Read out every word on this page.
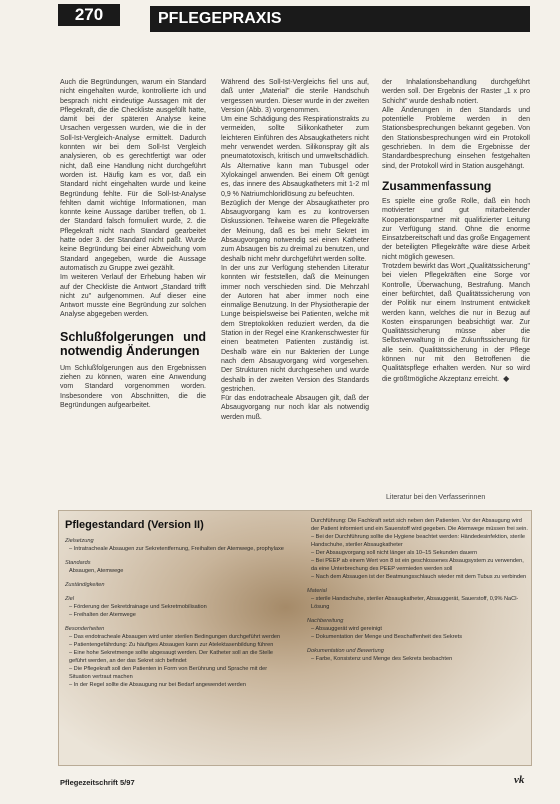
270	PFLEGEPRAXIS

Auch die Begründungen, warum ein Standard nicht eingehalten wurde, kontrollierte ich und besprach nicht eindeutige Aussagen mit der Pflegekraft, die die Checkliste ausgefüllt hatte, damit bei der späteren Analyse keine Ursachen vergessen wurden, wie die in der Soll-Ist-Vergleich-Analyse ermittelt. Dadurch konnten wir bei dem Soll-Ist Vergleich analysieren, ob es gerechtfertigt war oder nicht, daß eine Handlung nicht durchgeführt worden ist. Häufig kam es vor, daß ein Standard nicht eingehalten wurde und keine Begründung fehlte. Für die Soll-Ist-Analyse fehlten damit wichtige Informationen, man konnte keine Aussage darüber treffen, ob 1. der Standard falsch formuliert wurde, 2. die Pflegekraft nicht nach Standard gearbeitet hatte oder 3. der Standard nicht paßt. Wurde keine Begründung bei einer Abweichung vom Standard angegeben, wurde die Aussage automatisch zu Gruppe zwei gezählt.

Im weiteren Verlauf der Erhebung haben wir auf der Checkliste die Antwort „Standard trifft nicht zu" aufgenommen. Auf dieser eine Antwort musste eine Begründung zur solchen Analyse abgegeben werden.

Schlußfolgerungen und notwendig Änderungen

Um Schlußfolgerungen aus den Ergebnissen ziehen zu können, waren eine Anwendung vom Standard vorgenommen worden. Insbesondere von Abschnitten, die die Begründungen aufgearbeitet.

Während des Soll-Ist-Vergleichs fiel uns auf, daß unter „Material" die sterile Handschuh vergessen wurden. Dieser wurde in der zweiten Version (Abb. 3) vorgenommen.

Um eine Schädigung des Respirationstrakts zu vermeiden, sollte Silikonkatheter zum leichteren Einführen des Absaugkatheters nicht mehr verwendet werden. Silikonspray gilt als pneumatotoxisch, kritisch und umweltschädlich. Als Alternative kann man Tubusgel oder Xylokaingel anwenden. Bei einem Oft genügt es, das innere des Absaugkatheters mit 1-2 ml 0,9 % Natriumchloridlösung zu befeuchten.

Bezüglich der Menge der Absaugkatheter pro Absaugvorgang kam es zu kontroversen Diskussionen. Teilweise waren die Pflegekräfte der Meinung, daß es bei mehr Sekret im Absaugvorgang notwendig sei einen Katheter zum Absaugen bis zu dreimal zu benutzen, und deshalb nicht mehr durchgeführt werden sollte.

In der uns zur Verfügung stehenden Literatur konnten wir feststellen, daß die Meinungen immer noch verschieden sind. Die Mehrzahl der Autoren hat aber immer noch eine einmalige Benutzung. In der Physiotherapie der Lunge beispielsweise bei Patienten, welche mit dem Streptokokken reduziert werden, da die Station in der Regel eine Krankenschwester für einen beatmeten Patienten zuständig ist. Deshalb wäre ein nur Bakterien der Lunge nach dem Absaugvorgang wird vorgesehen. Der Strukturen nicht durchgesehen und wurde deshalb in der zweiten Version des Standards gestrichen.

Für das endotracheale Absaugen gilt, daß der Absaugvorgang nur noch klar als notwendig werden muß.

der Inhalationsbehandlung durchgeführt werden soll. Der Ergebnis der Raster „1 x pro Schicht" wurde deshalb notiert.

Alle Änderungen in den Standards und potentielle Probleme werden in den Stationsbesprechungen bekannt gegeben. Von den Stationsbesprechungen wird ein Protokoll geschrieben. In dem die Ergebnisse der Standardbesprechung einsehen festgehalten sind, der Protokoll wird in Station ausgehängt.

Zusammenfassung

Es spielte eine große Rolle, daß ein hoch motivierter und gut mitarbeitender Kooperationspartner mit qualifizierter Leitung zur Verfügung stand. Ohne die enorme Einsatzbereitschaft und das große Engagement der beteiligten Pflegekräfte wäre diese Arbeit nicht möglich gewesen.

Trotzdem bewirkt das Wort „Qualitätssicherung" bei vielen Pflegekräften eine Sorge vor Kontrolle, Überwachung, Bestrafung. Manch einer befürchtet, daß Qualitätssicherung von der Politik nur einem Instrument entwickelt werden kann, welches die nur in Bezug auf Kosten einsparungen beabsichtigt war. Zur Qualitätssicherung müsse aber die Selbstverwaltung in die Zukunftssicherung für alle sein. Qualitätssicherung in der Pflege können nur mit den Betroffenen die Qualitätspflege erhalten werden. Nur so wird die größtmögliche Akzeptanz erreicht. ◆

Literatur bei den Verfasserinnen
Pflegestandard (Version II)
Zielsetzung
– Intratracheale Absaugen zur Sekretentfernung, Freihalten der Atemwege, prophylaxe
Standards
Absaugen, Atemwege
Zuständigkeiten
Ziel
– Förderung der Sekretdrainage und Sekretmobilisation
– Freihalten der Atemwege
Besonderheiten
– Das endotracheale Absaugen wird unter sterilen Bedingungen durchgeführt werden
– Patientengefährdung: Zu häufiges Absaugen kann zur Atelektasenbildung führen
– Eine hohe Sekretmenge sollte abgesaugt werden. Der Katheter soll an die Stelle geführt werden, an der das Sekret sich befindet
– Die Pflegekraft soll den Patienten in Form von Berührung und Sprache mit der Situation vertraut machen
– In der Regel sollte die Absaugung nur bei Bedarf angewendet werden
Durchführung: Die Fachkraft setzt sich neben den Patienten. Vor der Absaugung wird der Patient informiert und ein Sauerstoff wird gegeben. Die Atemwege müssen frei sein.
– Bei der Durchführung sollte die Hygiene beachtet werden: Händedesinfektion, sterile Handschuhe, steriler Absaugkatheter
– Der Absaugvorgang soll nicht länger als 10–15 Sekunden dauern
– Bei PEEP ab einem Wert von 8 ist ein geschlossenes Absaugsystem zu verwenden, da eine Unterbrechung des PEEP vermieden werden soll
– Nach dem Absaugen ist der Beatmungsschlauch wieder mit dem Tubus zu verbinden
Material
– sterile Handschuhe, steriler Absaugkatheter, Absauggerät, Sauerstoff, 0,9% NaCl-Lösung
Nachbereitung
– Absauggerät wird gereinigt
– Dokumentation der Menge und Beschaffenheit des Sekrets
Dokumentation und Bewertung
– Farbe, Konsistenz und Menge des Sekrets beobachten
Pflegezeitschrift 5/97	vk
